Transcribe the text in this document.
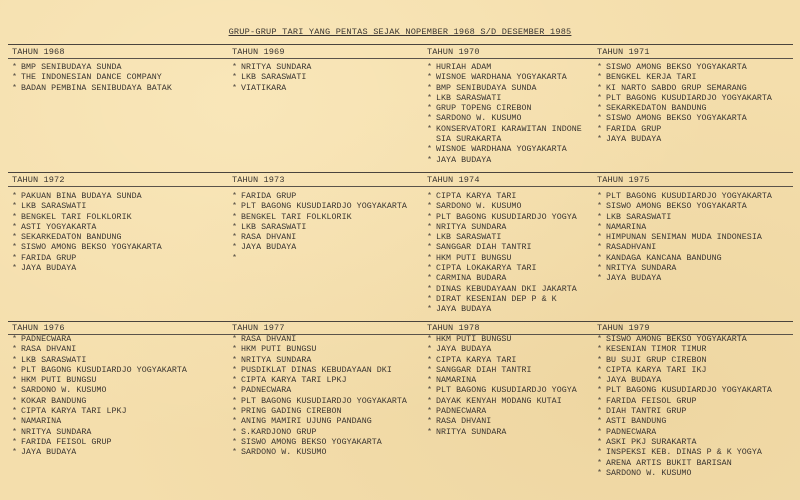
GRUP-GRUP TARI YANG PENTAS SEJAK NOPEMBER 1968 S/D DESEMBER 1985
TAHUN 1968
* BMP SENIBUDAYA SUNDA
* THE INDONESIAN DANCE COMPANY
* BADAN PEMBINA SENIBUDAYA BATAK
TAHUN 1969
* NRITYA SUNDARA
* LKB SARASWATI
* VIATIKARA
TAHUN 1970
* HURIAH ADAM
* WISNOE WARDHANA YOGYAKARTA
* BMP SENIBUDAYA SUNDA
* LKB SARASWATI
* GRUP TOPENG CIREBON
* SARDONO W. KUSUMO
* KONSERVATORI KARAWITAN INDONE
SIA SURAKARTA
* WISNOE WARDHANA YOGYAKARTA
* JAYA BUDAYA
TAHUN 1971
* SISWO AMONG BEKSO YOGYAKARTA
* BENGKEL KERJA TARI
* KI NARTO SABDO GRUP SEMARANG
* PLT BAGONG KUSUDIARDJO YOGYAKARTA
* SEKARKEDATON BANDUNG
* SISWO AMONG BEKSO YOGYAKARTA
* FARIDA GRUP
* JAYA BUDAYA
TAHUN 1972
* PAKUAN BINA BUDAYA SUNDA
* LKB SARASWATI
* BENGKEL TARI FOLKLORIK
* ASTI YOGYAKARTA
* SEKARKEDATON BANDUNG
* SISWO AMONG BEKSO YOGYAKARTA
* FARIDA GRUP
* JAYA BUDAYA
TAHUN 1973
* FARIDA GRUP
* PLT BAGONG KUSUDIARDJO YOGYAKARTA
* BENGKEL TARI FOLKLORIK
* LKB SARASWATI
* RASA DHVANI
* JAYA BUDAYA
*
TAHUN 1974
* CIPTA KARYA TARI
* SARDONO W. KUSUMO
* PLT BAGONG KUSUDIARDJO YOGYA
* NRITYA SUNDARA
* LKB SARASWATI
* SANGGAR DIAH TANTRI
* HKM PUTI BUNGSU
* CIPTA LOKAKARYA TARI
* CARMINA BUDARA
* DINAS KEBUDAYAAN DKI JAKARTA
* DIRAT KESENIAN DEP P & K
* JAYA BUDAYA
TAHUN 1975
* PLT BAGONG KUSUDIARDJO YOGYAKARTA
* SISWO AMONG BEKSO YOGYAKARTA
* LKB SARASWATI
* NAMARINA
* HIMPUNAN SENIMAN MUDA INDONESIA
* RASADHVANI
* KANDAGA KANCANA BANDUNG
* NRITYA SUNDARA
* JAYA BUDAYA
TAHUN 1976
* PADNECWARA
* RASA DHVANI
* LKB SARASWATI
* PLT BAGONG KUSUDIARDJO YOGYAKARTA
* HKM PUTI BUNGSU
* SARDONO W. KUSUMO
* KOKAR BANDUNG
* CIPTA KARYA TARI LPKJ
* NAMARINA
* NRITYA SUNDARA
* FARIDA FEISOL GRUP
* JAYA BUDAYA
TAHUN 1977
* RASA DHVANI
* HKM PUTI BUNGSU
* NRITYA SUNDARA
* PUSDIKLAT DINAS KEBUDAYAAN DKI
* CIPTA KARYA TARI LPKJ
* PADNECWARA
* PLT BAGONG KUSUDIARDJO YOGYAKARTA
* PRING GADING CIREBON
* ANING MAMIRI UJUNG PANDANG
* S.KARDJONO GRUP
* SISWO AMONG BEKSO YOGYAKARTA
* SARDONO W. KUSUMO
TAHUN 1978
* HKM PUTI BUNGSU
* JAYA BUDAYA
* CIPTA KARYA TARI
* SANGGAR DIAH TANTRI
* NAMARINA
* PLT BAGONG KUSUDIARDJO YOGYA
* DAYAK KENYAH MODANG KUTAI
* PADNECWARA
* RASA DHVANI
* NRITYA SUNDARA
TAHUN 1979
* SISWO AMONG BEKSO YOGYAKARTA
* KESENIAN TIMOR TIMUR
* BU SUJI GRUP CIREBON
* CIPTA KARYA TARI IKJ
* JAYA BUDAYA
* PLT BAGONG KUSUDIARDJO YOGYAKARTA
* FARIDA FEISOL GRUP
* DIAH TANTRI GRUP
* ASTI BANDUNG
* PADNECWARA
* ASKI PKJ SURAKARTA
* INSPEKSI KEB. DINAS P & K YOGYA
* ARENA ARTIS BUKIT BARISAN
* SARDONO W. KUSUMO
